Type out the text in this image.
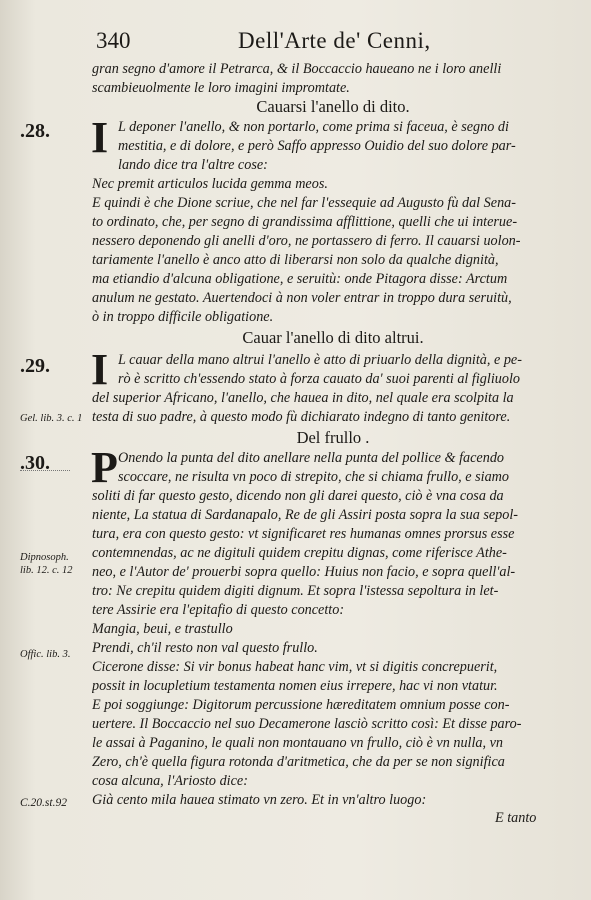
340	Dell'Arte de' Cenni,
gran segno d'amore il Petrarca, & il Boccaccio haueano ne i loro anelli
scambieuolmente le loro imagini impromtate.
Cauarsi l'anello di dito.
.28. I L deponer l'anello, & non portarlo, come prima si faceua, è segno di
mestitia, e di dolore, e però Saffo appresso Ouidio del suo dolore par-
lando dice tra l'altre cose:
Nec premit articulos lucida gemma meos.
E quindi è che Dione scriue, che nel far l'essequie ad Augusto fù dal Sena-
to ordinato, che, per segno di grandissima afflittione, quelli che ui interue-
nessero deponendo gli anelli d'oro, ne portassero di ferro. Il cauarsi uolon-
tariamente l'anello è anco atto di liberarsi non solo da qualche dignità,
ma etiandio d'alcuna obligatione, e seruitù: onde Pitagora disse: Arctum
anulum ne gestato. Auertendoci à non voler entrar in troppo dura seruitù,
ò in troppo difficile obligatione.
Cauar l'anello di dito altrui.
.29. I L cauar della mano altrui l'anello è atto di priuarlo della dignità, e pe-
rò è scritto ch'essendo stato à forza cauato da' suoi parenti al figliuolo
del superior Africano, l'anello, che hauea in dito, nel quale era scolpita la
Gel. lib. 3. c. 1 testa di suo padre, à questo modo fù dichiarato indegno di tanto genitore.
Del frullo .
.30. P Onendo la punta del dito anellare nella punta del pollice & facendo
scoccare, ne risulta vn poco di strepito, che si chiama frullo, e siamo
soliti di far questo gesto, dicendo non gli darei questo, ciò è vna cosa da
niente, La statua di Sardanapalo, Re de gli Assiri posta sopra la sua sepol-
tura, era con questo gesto: vt significaret res humanas omnes prorsus esse
contemnendas, ac ne digituli quidem crepitu dignas, come riferisce Athe-
Dipnosoph.
lib. 12. c. 12 neo, e l'Autor de' prouerbi sopra quello: Huius non facio, e sopra quell'al-
tro: Ne crepitu quidem digiti dignum. Et sopra l'istessa sepoltura in let-
tere Assirie era l'epitafio di questo concetto:
Mangia, beui, e trastullo
Offic. lib. 3. Prendi, ch'il resto non val questo frullo.
Cicerone disse: Si vir bonus habeat hanc vim, vt si digitis concrepuerit,
possit in locupletium testamenta nomen eius irrepere, hac vi non vtatur.
E poi soggiunge: Digitorum percussione hæreditatem omnium posse con-
uertere. Il Boccaccio nel suo Decamerone lasciò scritto così: Et disse paro-
le assai à Paganino, le quali non montauano vn frullo, ciò è vn nulla, vn
Zero, ch'è quella figura rotonda d'aritmetica, che da per se non significa
cosa alcuna, l'Ariosto dice:
C.20.st.92 Già cento mila hauea stimato vn zero. Et in vn'altro luogo:
E tanto
